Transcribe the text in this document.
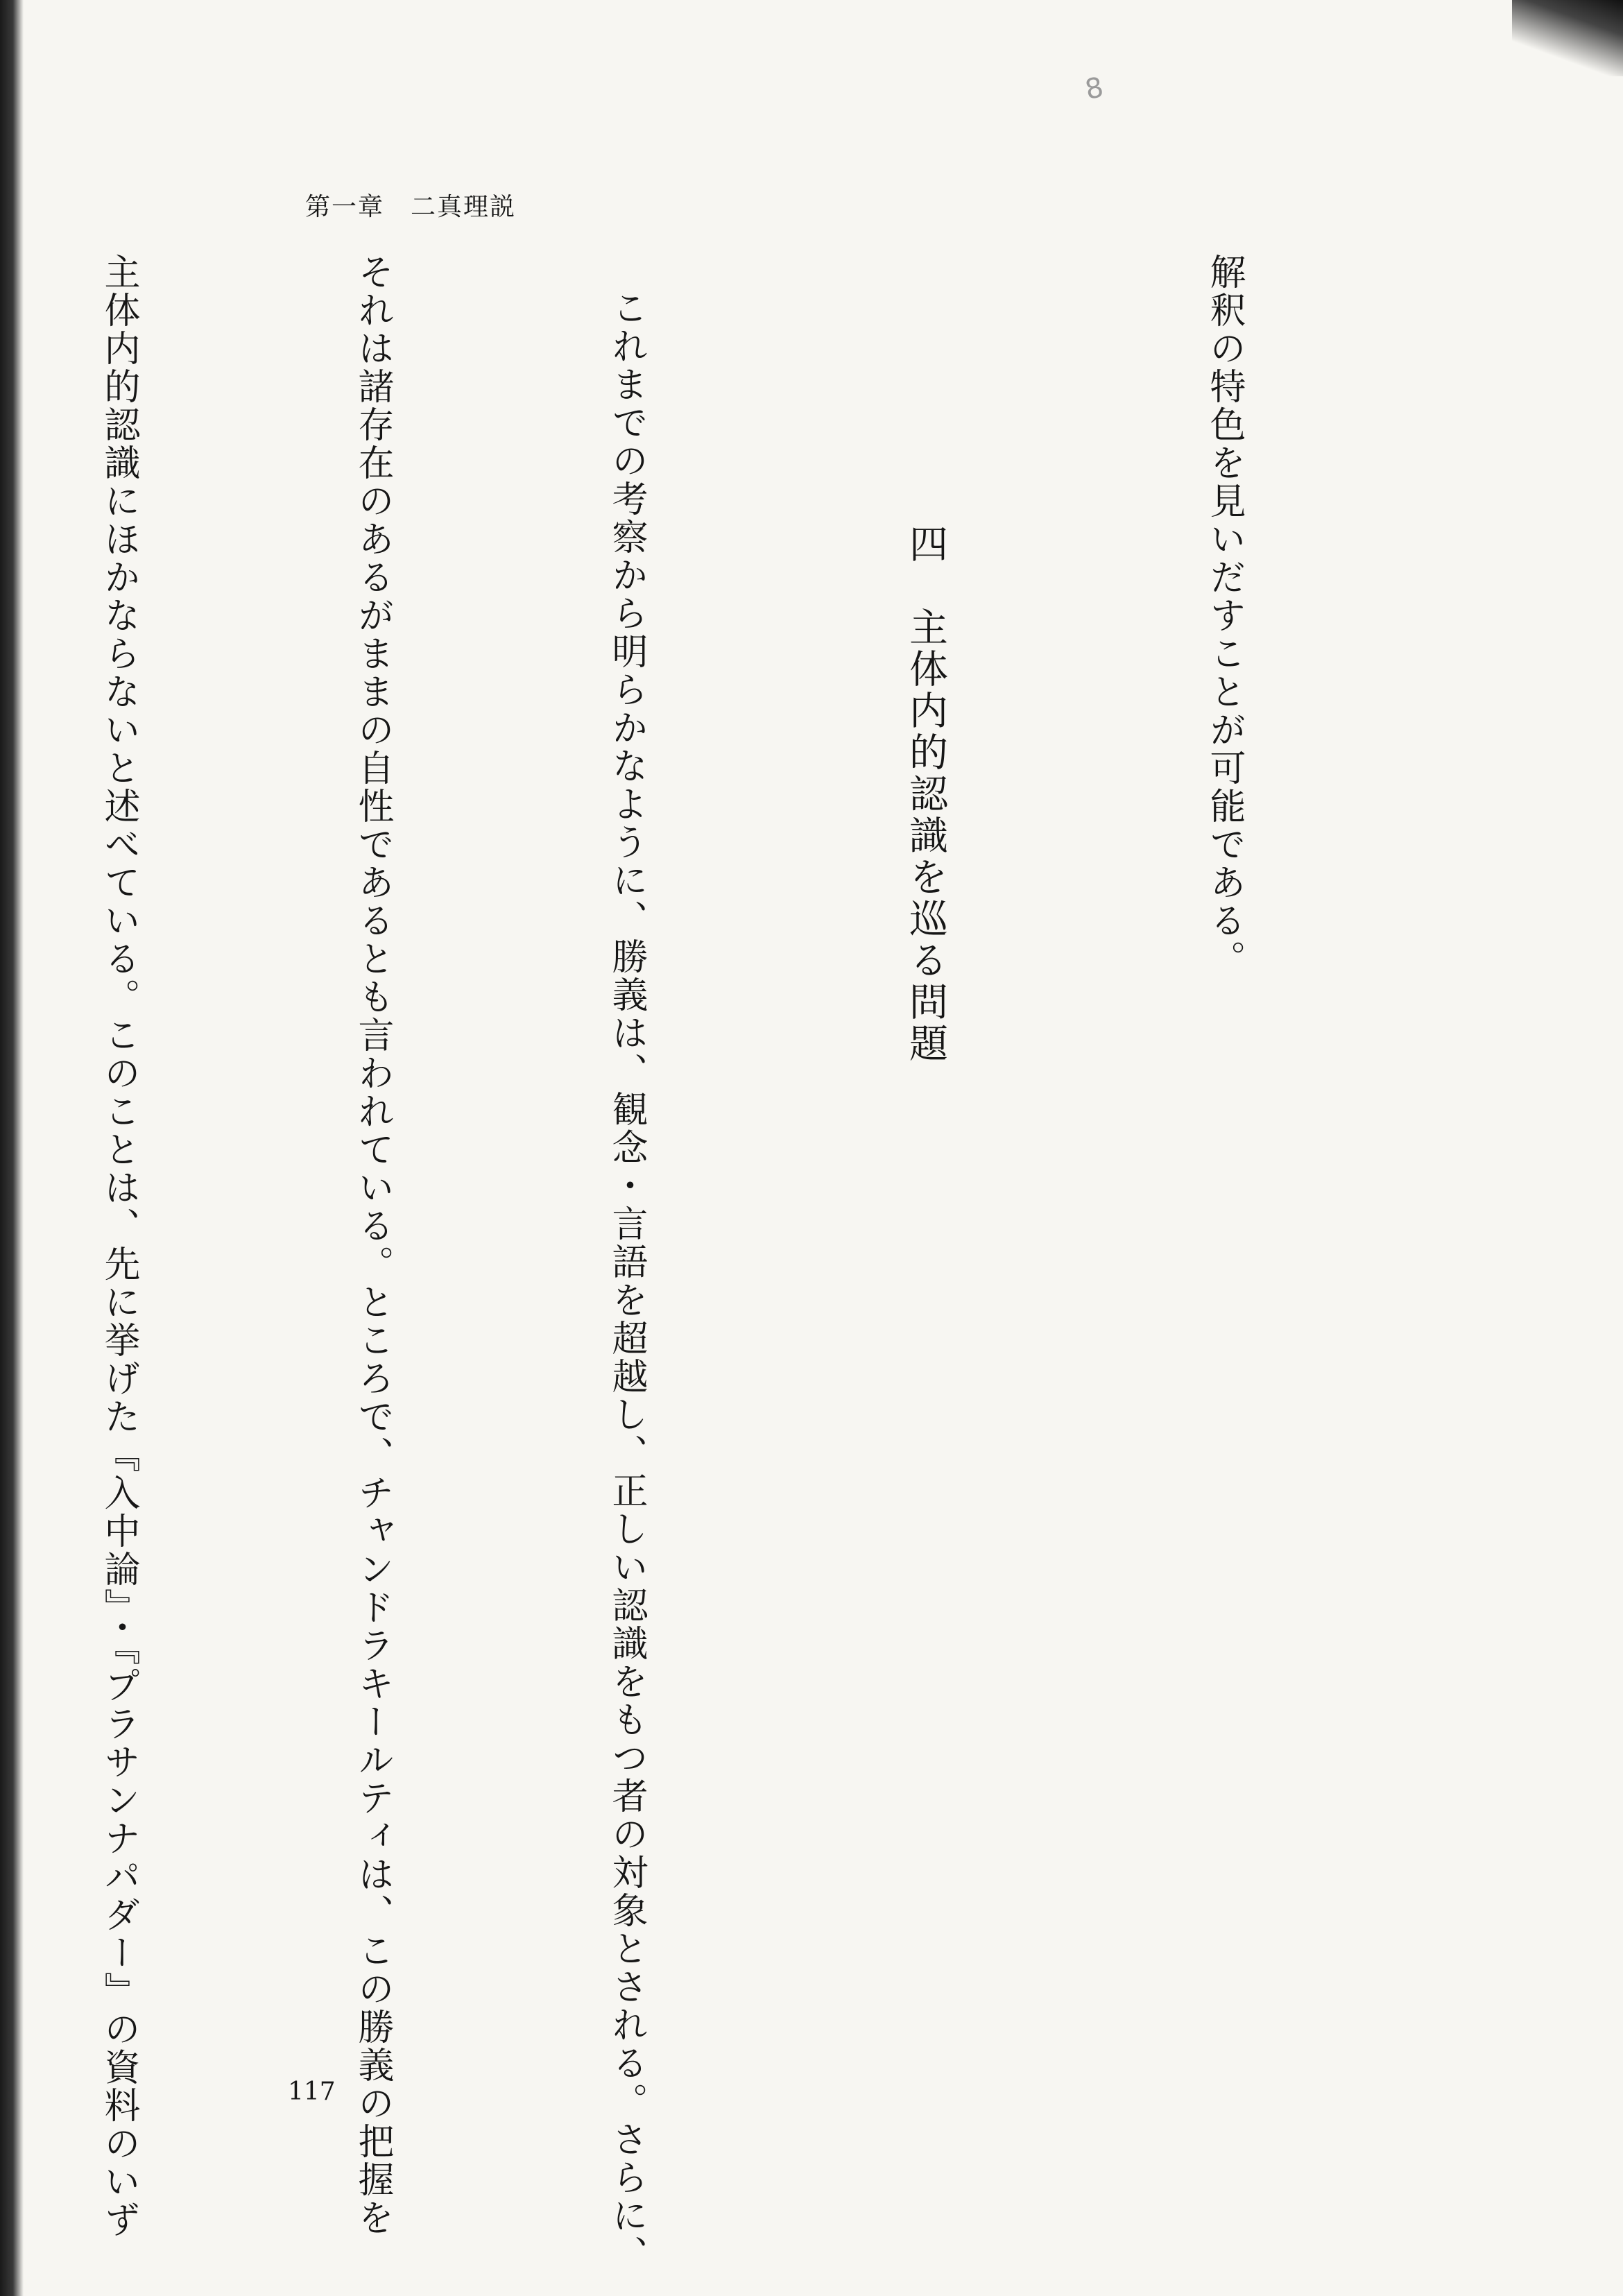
8
第一章　二真理説

解釈の特色を見いだすことが可能である。

四　主体内的認識を巡る問題

これまでの考察から明らかなように、勝義は、観念・言語を超越し、正しい認識をもつ者の対象とされる。さらに、

それは諸存在のあるがままの自性であるとも言われている。ところで、チャンドラキールティは、この勝義の把握を

主体内的認識にほかならないと述べている。このことは、先に挙げた『入中論』・『プラサンナパダー』の資料のいず

	117
